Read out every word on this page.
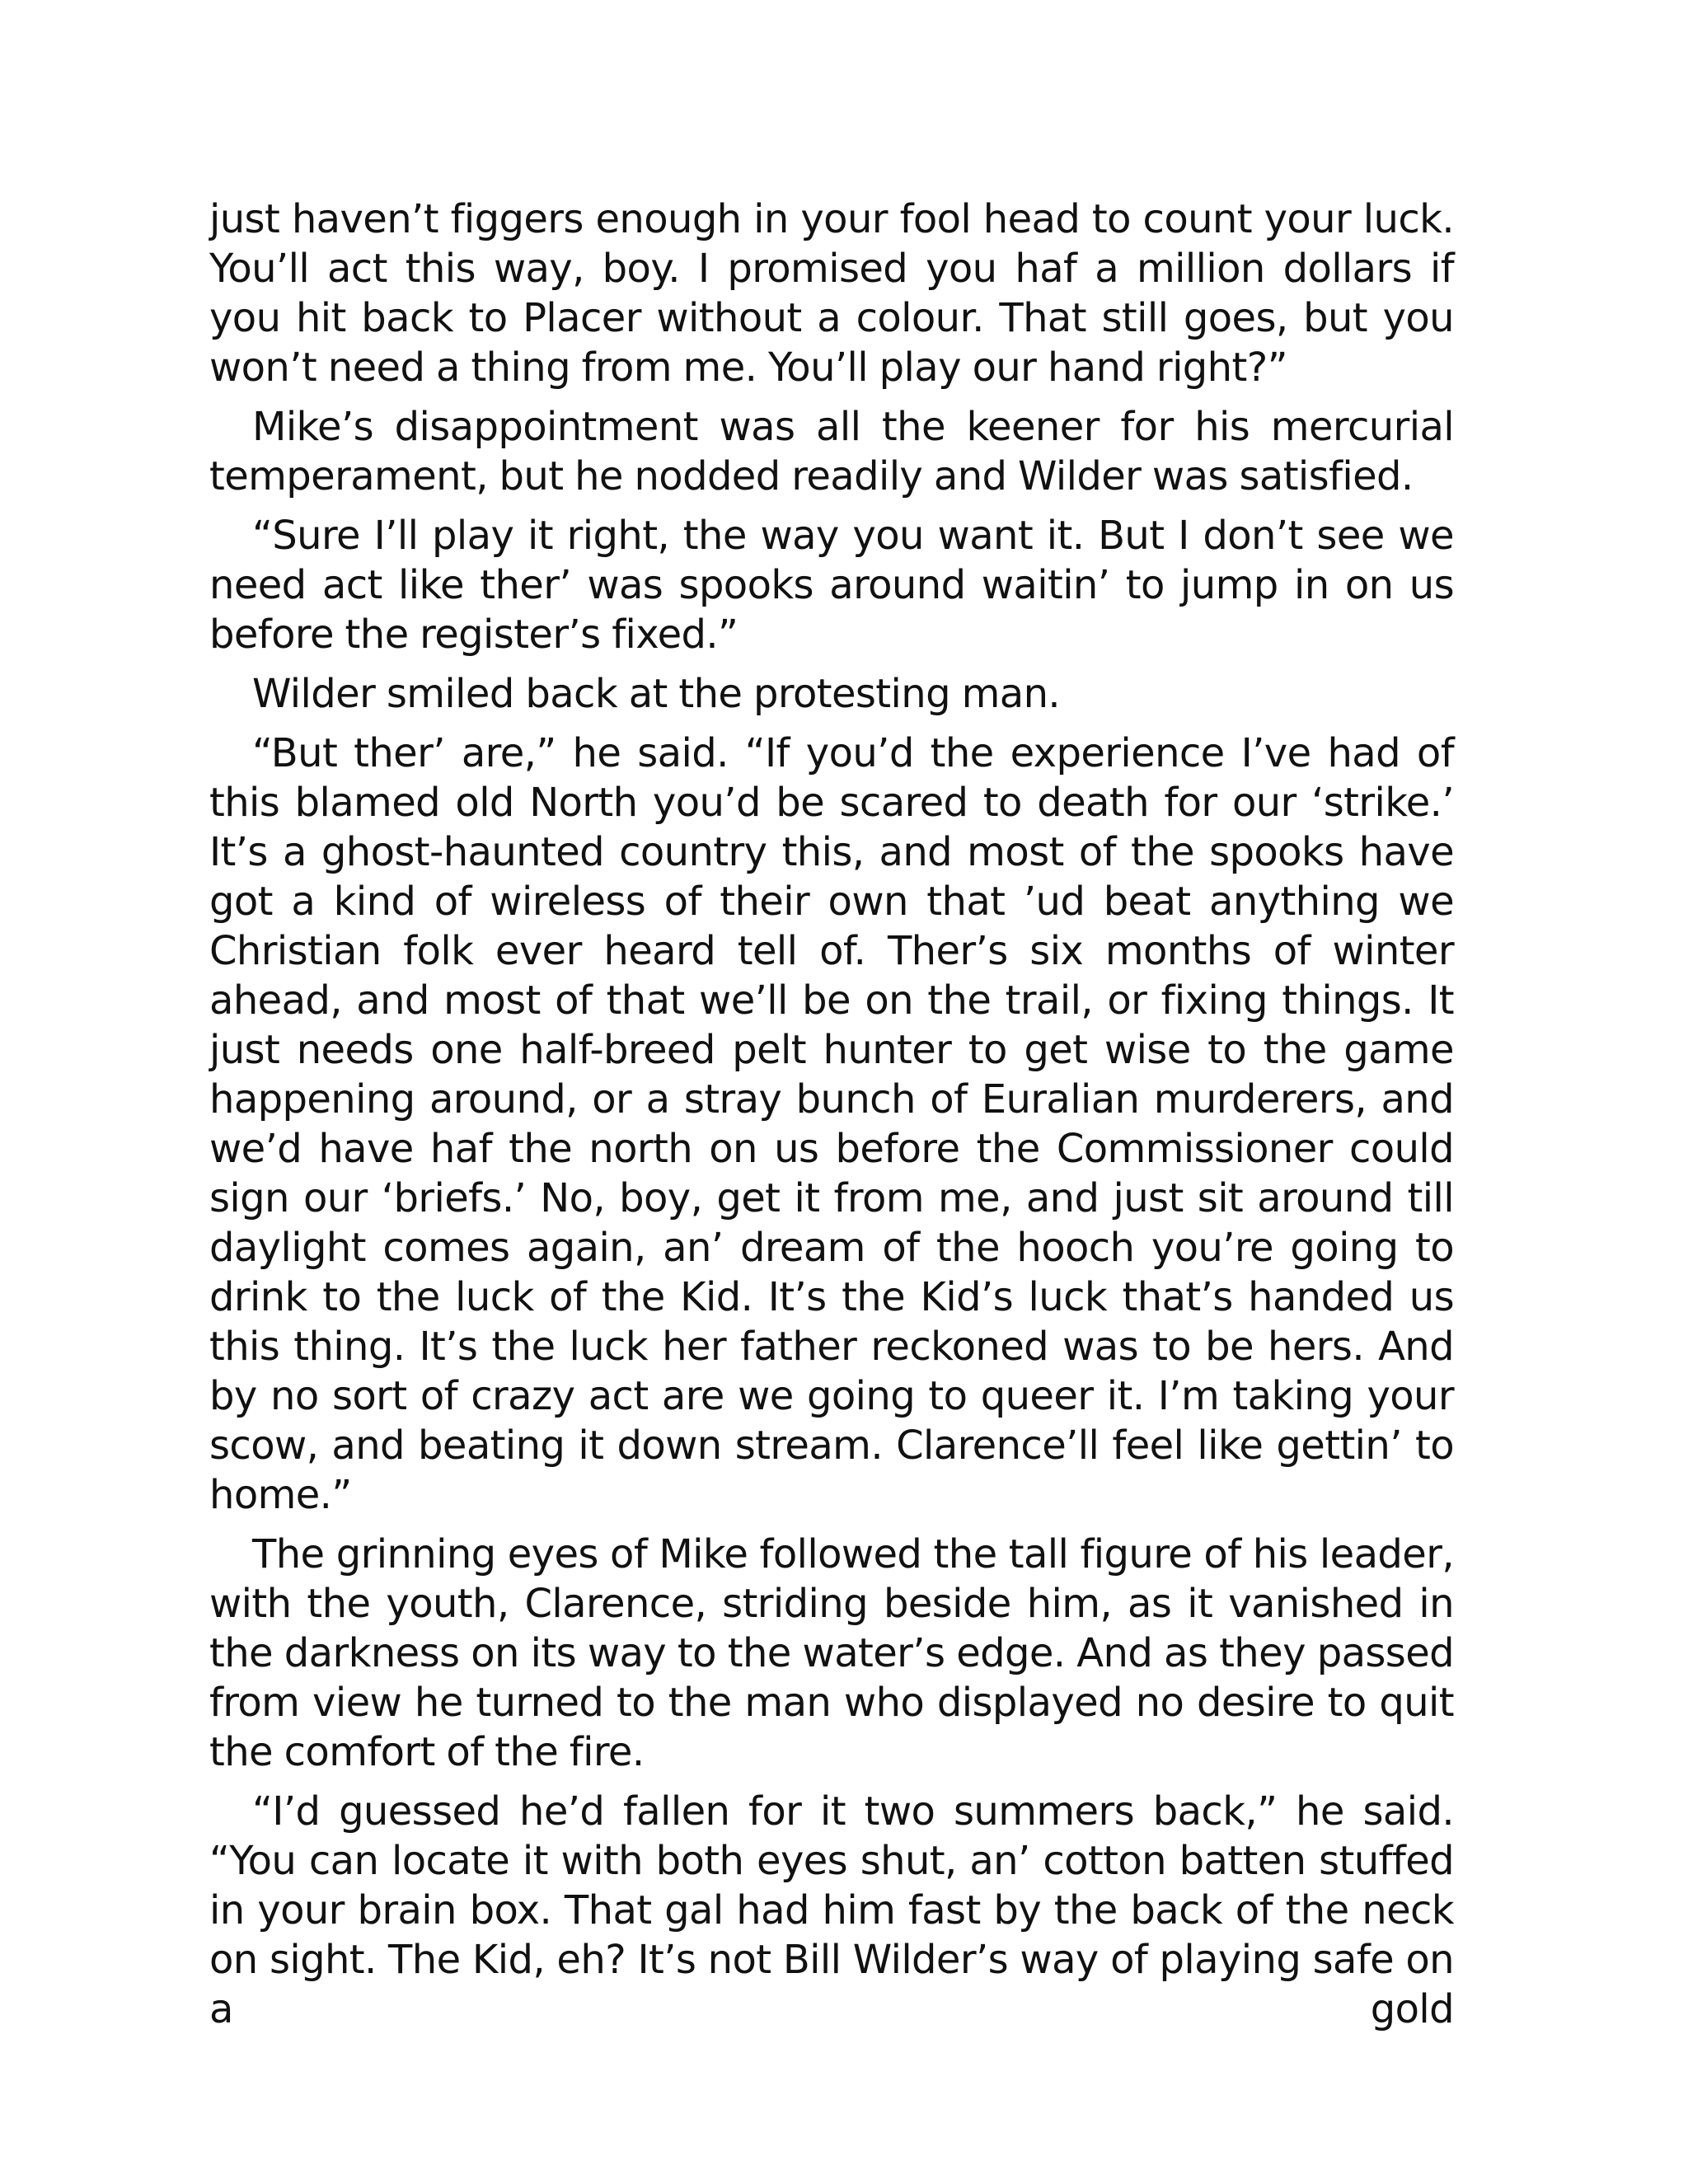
just haven’t figgers enough in your fool head to count your luck. You’ll act this way, boy. I promised you haf a million dollars if you hit back to Placer without a colour. That still goes, but you won’t need a thing from me. You’ll play our hand right?”

Mike’s disappointment was all the keener for his mercurial temperament, but he nodded readily and Wilder was satisfied.

“Sure I’ll play it right, the way you want it. But I don’t see we need act like ther’ was spooks around waitin’ to jump in on us before the register’s fixed.”

Wilder smiled back at the protesting man.

“But ther’ are,” he said. “If you’d the experience I’ve had of this blamed old North you’d be scared to death for our ‘strike.’ It’s a ghost-haunted country this, and most of the spooks have got a kind of wireless of their own that ’ud beat anything we Christian folk ever heard tell of. Ther’s six months of winter ahead, and most of that we’ll be on the trail, or fixing things. It just needs one half-breed pelt hunter to get wise to the game happening around, or a stray bunch of Euralian murderers, and we’d have haf the north on us before the Commissioner could sign our ‘briefs.’ No, boy, get it from me, and just sit around till daylight comes again, an’ dream of the hooch you’re going to drink to the luck of the Kid. It’s the Kid’s luck that’s handed us this thing. It’s the luck her father reckoned was to be hers. And by no sort of crazy act are we going to queer it. I’m taking your scow, and beating it down stream. Clarence’ll feel like gettin’ to home.”

The grinning eyes of Mike followed the tall figure of his leader, with the youth, Clarence, striding beside him, as it vanished in the darkness on its way to the water’s edge. And as they passed from view he turned to the man who displayed no desire to quit the comfort of the fire.

“I’d guessed he’d fallen for it two summers back,” he said. “You can locate it with both eyes shut, an’ cotton batten stuffed in your brain box. That gal had him fast by the back of the neck on sight. The Kid, eh? It’s not Bill Wilder’s way of playing safe on a gold
